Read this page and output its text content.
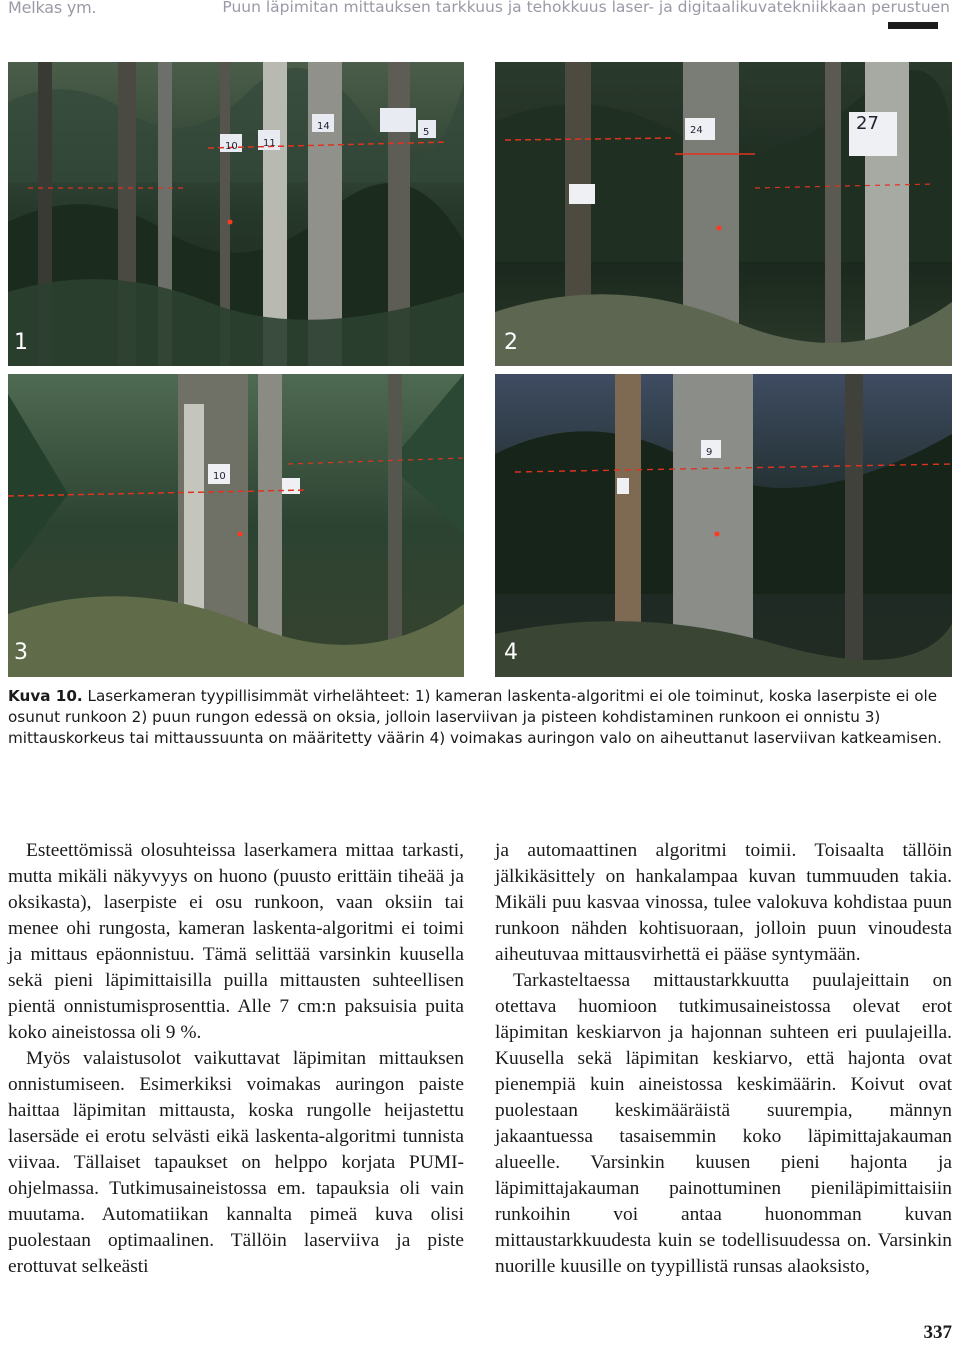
Melkas ym.	Puun läpimitan mittauksen tarkkuus ja tehokkuus laser- ja digitaalikuvatekniikkaan perustuen
10	11
14
5
1
24	27
2
10
3
9
4
Kuva 10. Laserkameran tyypillisimmät virhelähteet: 1) kameran laskenta-algoritmi ei ole toiminut, koska laserpiste ei ole osunut runkoon 2) puun rungon edessä on oksia, jolloin laserviivan ja pisteen kohdistaminen runkoon ei onnistu 3) mittauskorkeus tai mittaussuunta on määritetty väärin 4) voimakas auringon valo on aiheuttanut laserviivan katkeamisen.

Esteettömissä olosuhteissa laserkamera mittaa tarkasti, mutta mikäli näkyvyys on huono (puusto erittäin tiheää ja oksikasta), laserpiste ei osu runkoon, vaan oksiin tai menee ohi rungosta, kameran laskenta-algoritmi ei toimi ja mittaus epäonnistuu. Tämä selittää varsinkin kuusella sekä pieni läpimittaisilla puilla mittausten suhteellisen pientä onnistumisprosenttia. Alle 7 cm:n paksuisia puita koko aineistossa oli 9 %.

Myös valaistusolot vaikuttavat läpimitan mittauksen onnistumiseen. Esimerkiksi voimakas auringon paiste haittaa läpimitan mittausta, koska rungolle heijastettu lasersäde ei erotu selvästi eikä laskenta-algoritmi tunnista viivaa. Tällaiset tapaukset on helppo korjata PUMI-ohjelmassa. Tutkimusaineistossa em. tapauksia oli vain muutama. Automatiikan kannalta pimeä kuva olisi puolestaan optimaalinen. Tällöin laserviiva ja piste erottuvat selkeästi

ja automaattinen algoritmi toimii. Toisaalta tällöin jälkikäsittely on hankalampaa kuvan tummuuden takia. Mikäli puu kasvaa vinossa, tulee valokuva kohdistaa puun runkoon nähden kohtisuoraan, jolloin puun vinoudesta aiheutuvaa mittausvirhettä ei pääse syntymään.

Tarkasteltaessa mittaustarkkuutta puulajeittain on otettava huomioon tutkimusaineistossa olevat erot läpimitan keskiarvon ja hajonnan suhteen eri puulajeilla. Kuusella sekä läpimitan keskiarvo, että hajonta ovat pienempiä kuin aineistossa keskimäärin. Koivut ovat puolestaan keskimääräistä suurempia, männyn jakaantuessa tasaisemmin koko läpimittajakauman alueelle. Varsinkin kuusen pieni hajonta ja läpimittajakauman painottuminen pieniläpimittaisiin runkoihin voi antaa huonomman kuvan mittaustarkkuudesta kuin se todellisuudessa on. Varsinkin nuorille kuusille on tyypillistä runsas alaoksisto,

337
